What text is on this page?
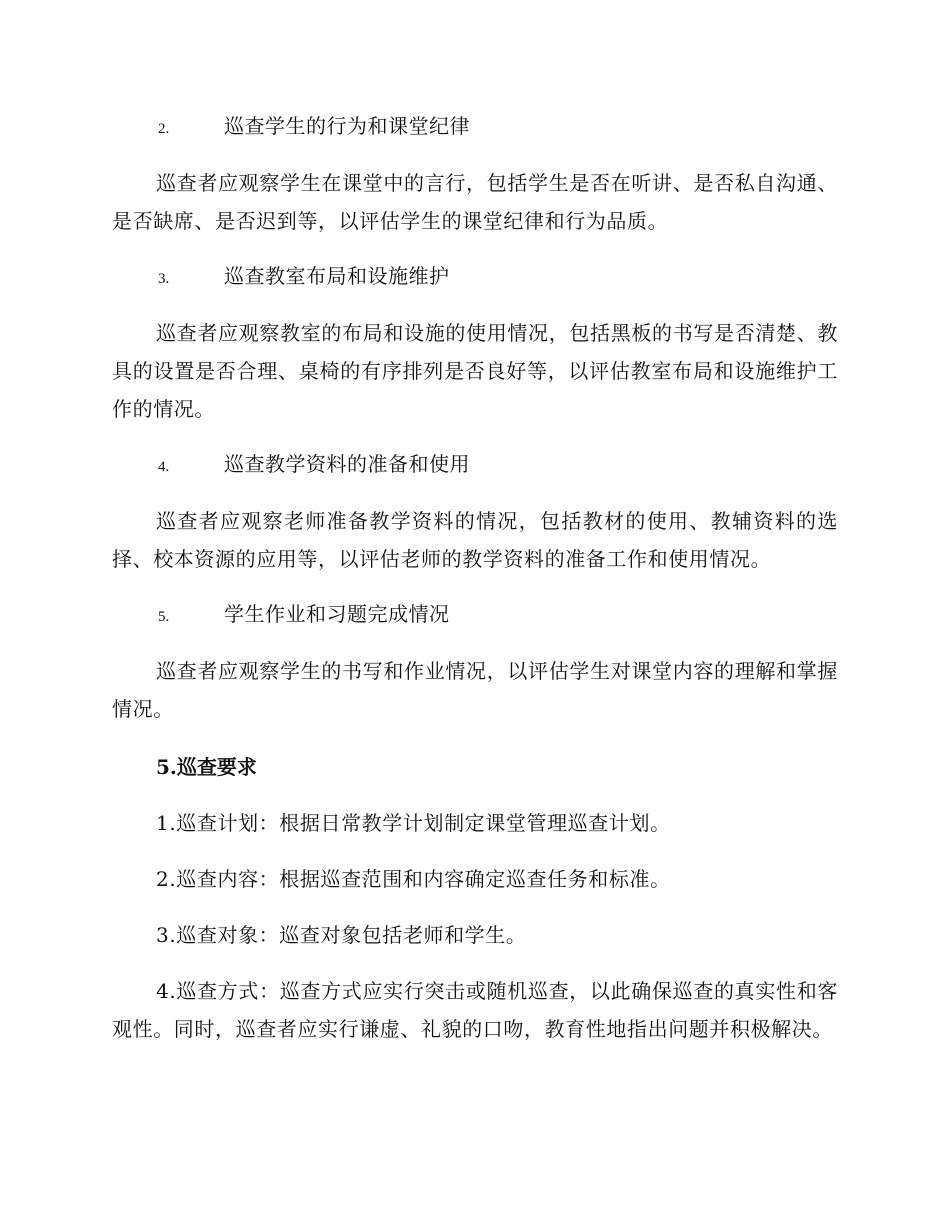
2.	巡查学生的行为和课堂纪律

巡查者应观察学生在课堂中的言行，包括学生是否在听讲、是否私自沟通、是否缺席、是否迟到等，以评估学生的课堂纪律和行为品质。

3.	巡查教室布局和设施维护

巡查者应观察教室的布局和设施的使用情况，包括黑板的书写是否清楚、教具的设置是否合理、桌椅的有序排列是否良好等，以评估教室布局和设施维护工作的情况。

4.	巡查教学资料的准备和使用

巡查者应观察老师准备教学资料的情况，包括教材的使用、教辅资料的选择、校本资源的应用等，以评估老师的教学资料的准备工作和使用情况。

5.	学生作业和习题完成情况

巡查者应观察学生的书写和作业情况，以评估学生对课堂内容的理解和掌握情况。

5.巡查要求

1.巡查计划：根据日常教学计划制定课堂管理巡查计划。

2.巡查内容：根据巡查范围和内容确定巡查任务和标准。

3.巡查对象：巡查对象包括老师和学生。

4.巡查方式：巡查方式应实行突击或随机巡查，以此确保巡查的真实性和客观性。同时，巡查者应实行谦虚、礼貌的口吻，教育性地指出问题并积极解决。
